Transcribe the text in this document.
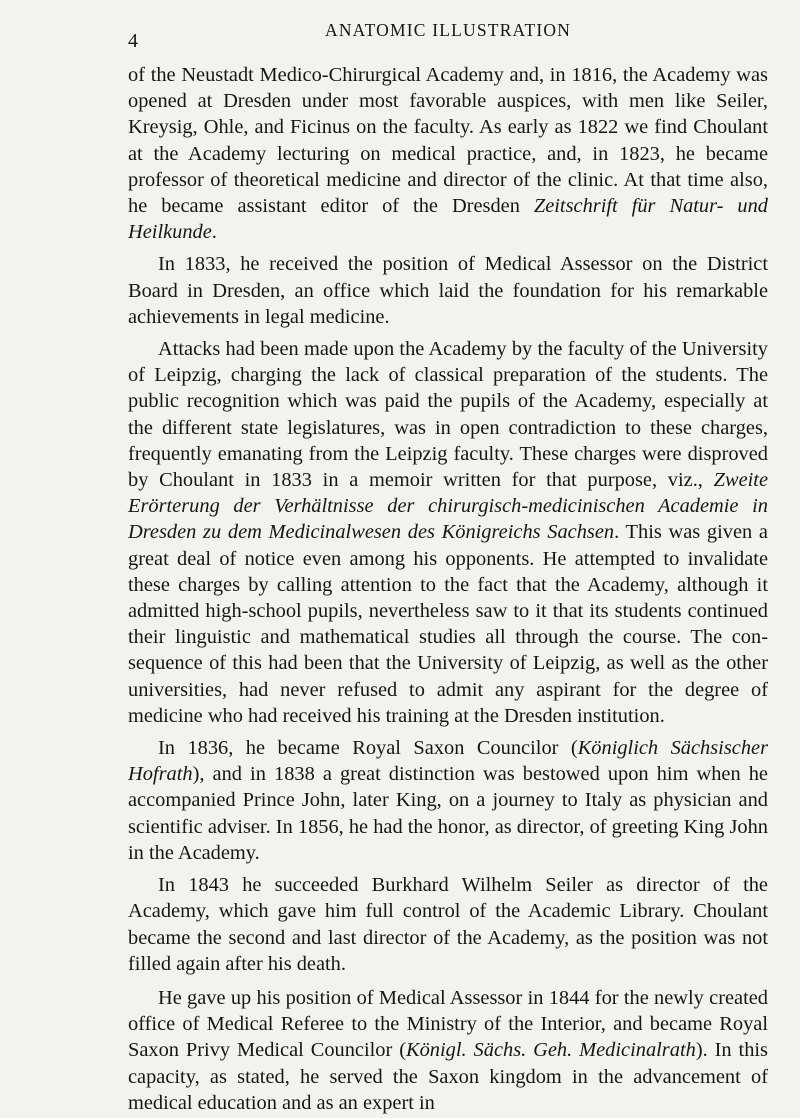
4	ANATOMIC ILLUSTRATION

of the Neustadt Medico-Chirurgical Academy and, in 1816, the Academy was opened at Dresden under most favorable auspices, with men like Seiler, Kreysig, Ohle, and Ficinus on the faculty. As early as 1822 we find Choulant at the Academy lecturing on medical practice, and, in 1823, he became professor of theoretical medicine and director of the clinic. At that time also, he became assistant editor of the Dresden Zeitschrift für Natur- und Heilkunde.

In 1833, he received the position of Medical Assessor on the District Board in Dresden, an office which laid the foundation for his remarkable achievements in legal medicine.

Attacks had been made upon the Academy by the faculty of the University of Leipzig, charging the lack of classical preparation of the students. The public recognition which was paid the pupils of the Academy, especially at the different state legislatures, was in open contradiction to these charges, frequently emanating from the Leipzig faculty. These charges were disproved by Choulant in 1833 in a memoir written for that purpose, viz., Zweite Erörterung der Verhältnisse der chirurgisch-medicinischen Academie in Dresden zu dem Medicinalwesen des Königreichs Sachsen. This was given a great deal of notice even among his opponents. He attempted to invalidate these charges by calling attention to the fact that the Academy, although it admitted high-school pupils, nevertheless saw to it that its students continued their linguistic and mathematical studies all through the course. The consequence of this had been that the University of Leipzig, as well as the other universities, had never refused to admit any aspirant for the degree of medicine who had received his training at the Dresden institution.

In 1836, he became Royal Saxon Councilor (Königlich Sächsischer Hofrath), and in 1838 a great distinction was bestowed upon him when he accompanied Prince John, later King, on a journey to Italy as physician and scientific adviser. In 1856, he had the honor, as director, of greeting King John in the Academy.

In 1843 he succeeded Burkhard Wilhelm Seiler as director of the Academy, which gave him full control of the Academic Library. Choulant became the second and last director of the Academy, as the position was not filled again after his death.

He gave up his position of Medical Assessor in 1844 for the newly created office of Medical Referee to the Ministry of the Interior, and became Royal Saxon Privy Medical Councilor (Königl. Sächs. Geh. Medicinalrath). In this capacity, as stated, he served the Saxon kingdom in the advancement of medical education and as an expert in
